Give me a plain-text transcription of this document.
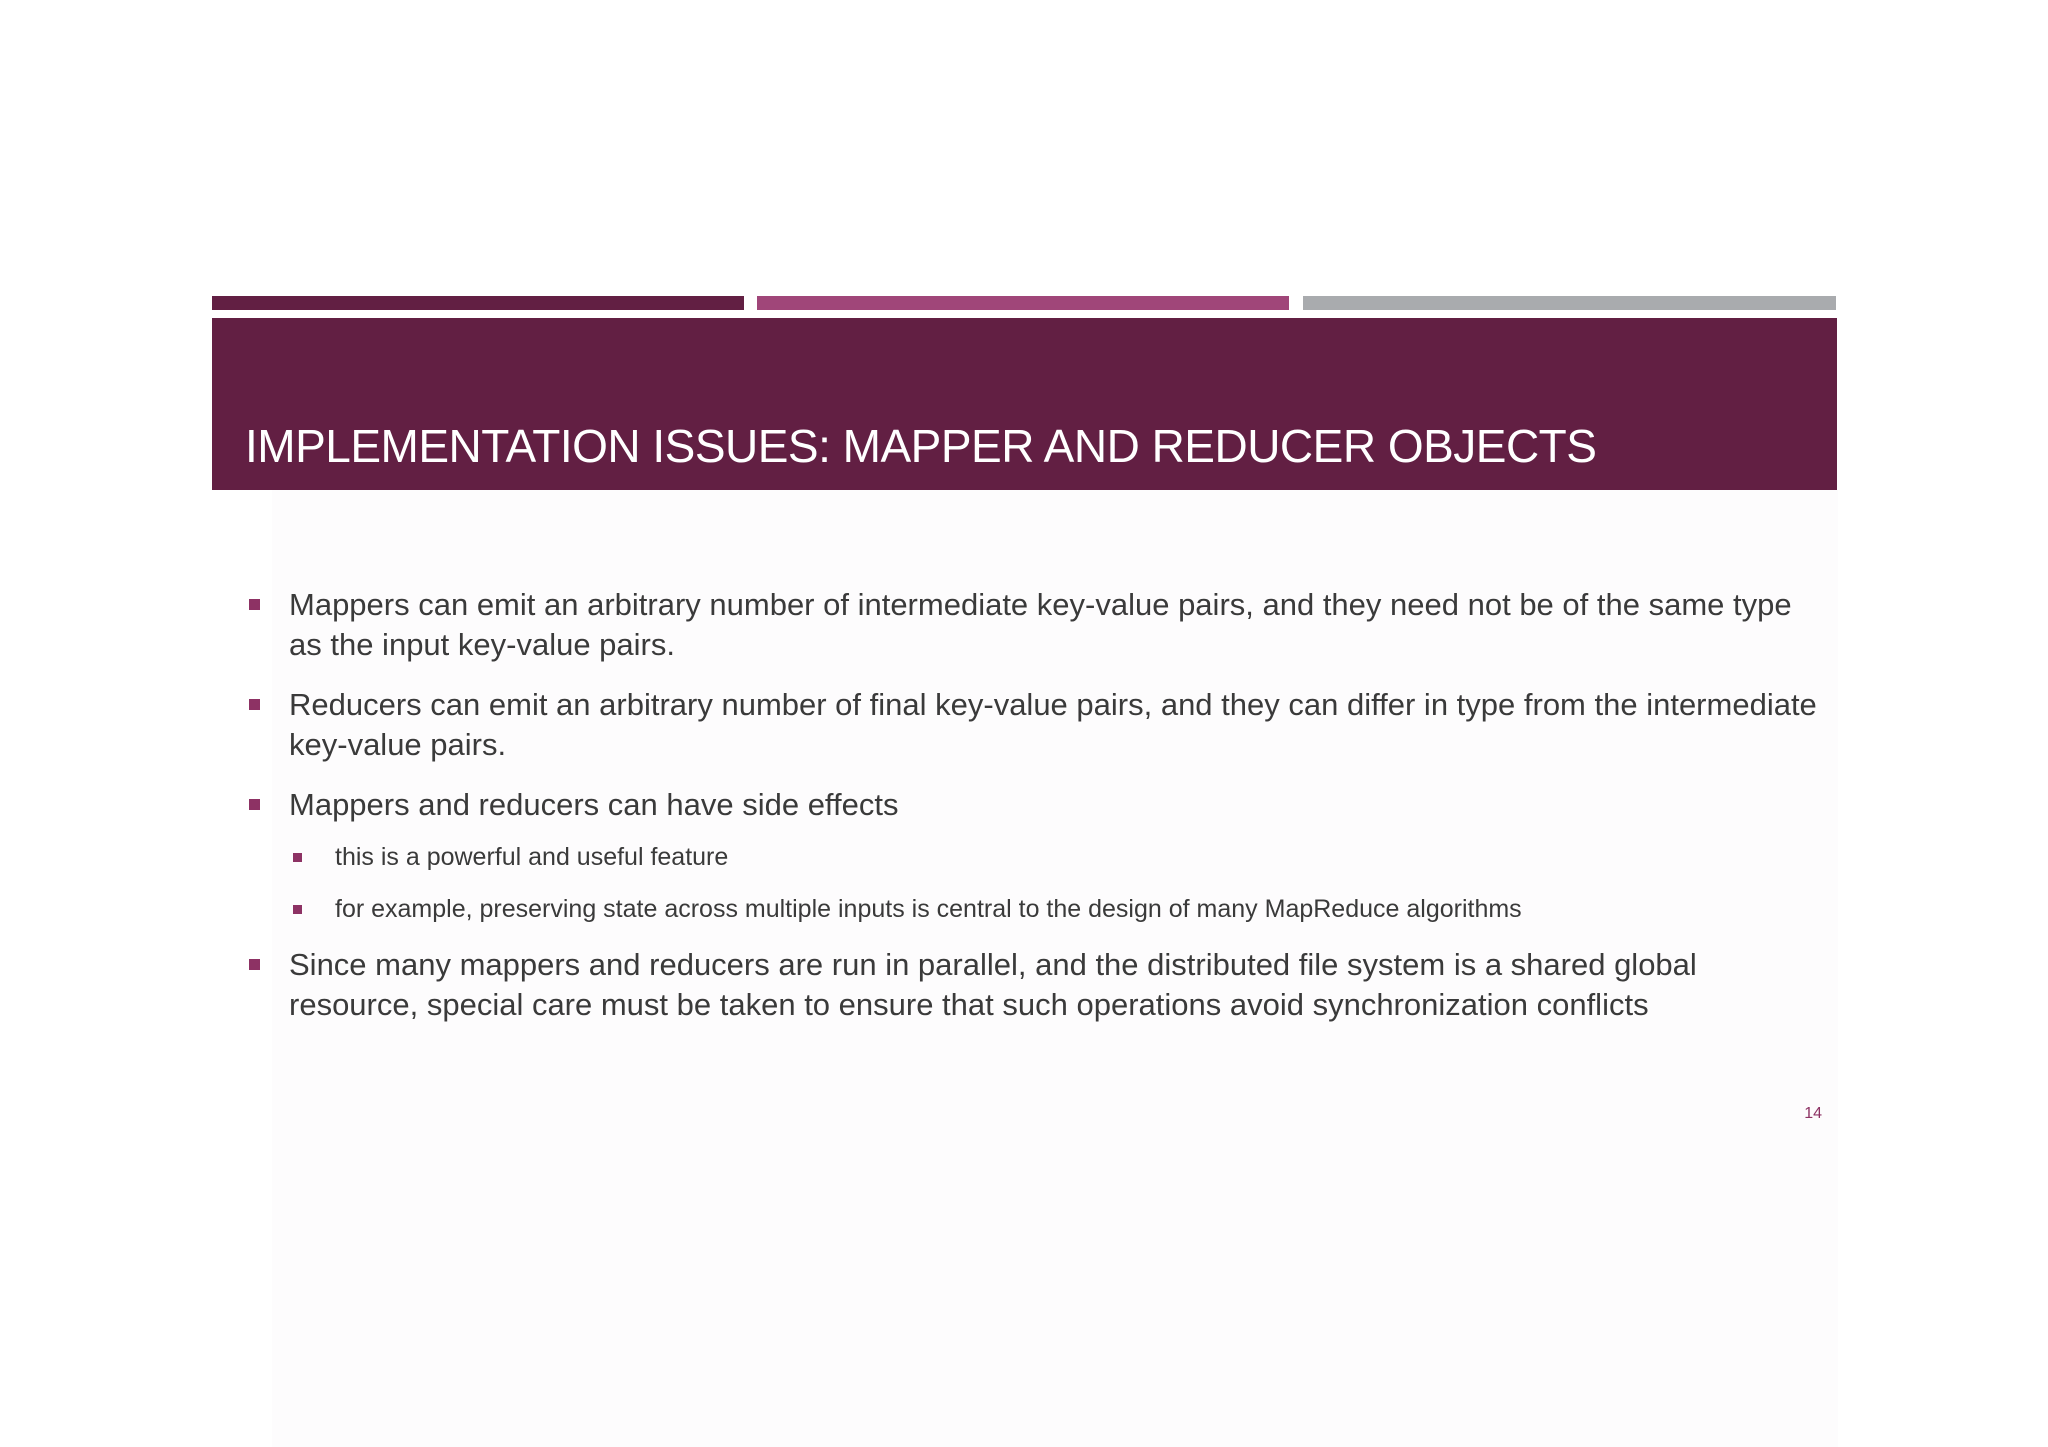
IMPLEMENTATION ISSUES: MAPPER AND REDUCER OBJECTS
Mappers can emit an arbitrary number of intermediate key-value pairs, and they need not be of the same type as the input key-value pairs.
Reducers can emit an arbitrary number of final key-value pairs, and they can differ in type from the intermediate key-value pairs.
Mappers and reducers can have side effects
this is a powerful and useful feature
for example, preserving state across multiple inputs is central to the design of many MapReduce algorithms
Since many mappers and reducers are run in parallel, and the distributed file system is a shared global resource, special care must be taken to ensure that such operations avoid synchronization conflicts
14
